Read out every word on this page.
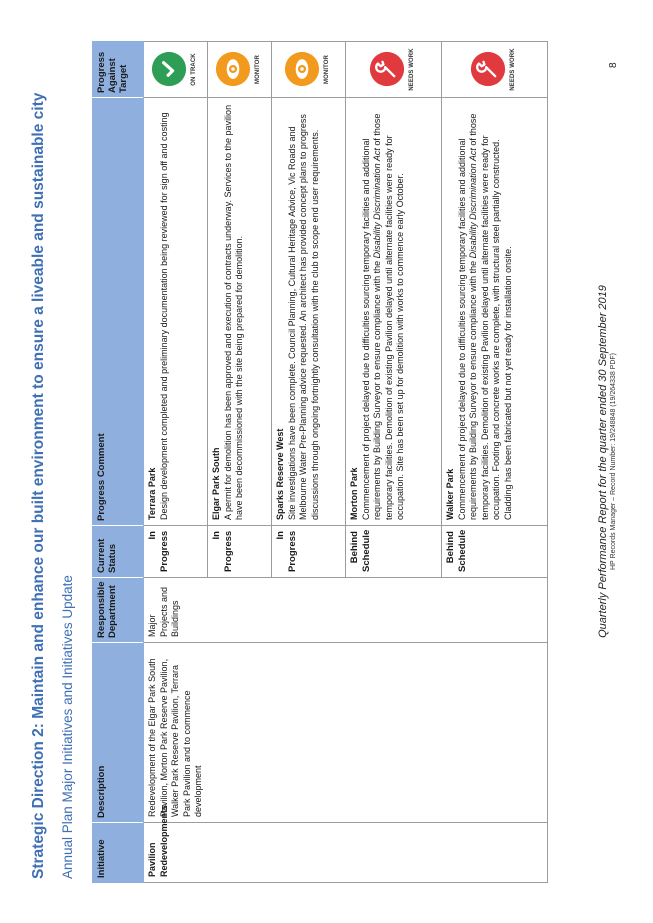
Strategic Direction 2: Maintain and enhance our built environment to ensure a liveable and sustainable city Annual Plan Major Initiatives and Initiatives Update Initiative	Description	Responsible Department	Current Status	Progress Comment	Progress Against Target
Pavilion Redevelopments	Redevelopment of the Elgar Park South Pavilion, Morton Park Reserve Pavilion, Walker Park Reserve Pavilion, Terrara Park Pavilion and to commence development	Major Projects and Buildings	In Progress	Terrara Park Design development completed and preliminary documentation being reviewed for sign off and costing	ON TRACK

			In Progress	Elgar Park South A permit for demolition has been approved and execution of contracts underway. Services to the pavilion have been decommissioned with the site being prepared for demolition.	MONITOR

			In Progress	Sparks Reserve West Site investigations have been complete. Council Planning, Cultural Heritage Advice, Vic Roads and Melbourne Water Pre-Planning advice requested. An architect has provided concept plans to progress discussions through ongoing fortnightly consultation with the club to scope end user requirements.	MONITOR

			Behind Schedule	Morton Park Commencement of project delayed due to difficulties sourcing temporary facilities and additional requirements by Building Surveyor to ensure compliance with the Disability Discrimination Act of those temporary facilities. Demolition of existing Pavilion delayed until alternate facilities were ready for occupation. Site has been set up for demolition with works to commence early October.	NEEDS WORK

			Behind Schedule	Walker Park Commencement of project delayed due to difficulties sourcing temporary facilities and additional requirements by Building Surveyor to ensure compliance with the Disability Discrimination Act of those temporary facilities. Demolition of existing Pavilion delayed until alternate facilities were ready for occupation. Footing and concrete works are complete, with structural steel partially constructed. Cladding has been fabricated but not yet ready for installation onsite.	NEEDS WORK
Quarterly Performance Report for the quarter ended 30 September 2019 HP Records Manager – Record Number: 19/248848 (19/264338 PDF)
8
